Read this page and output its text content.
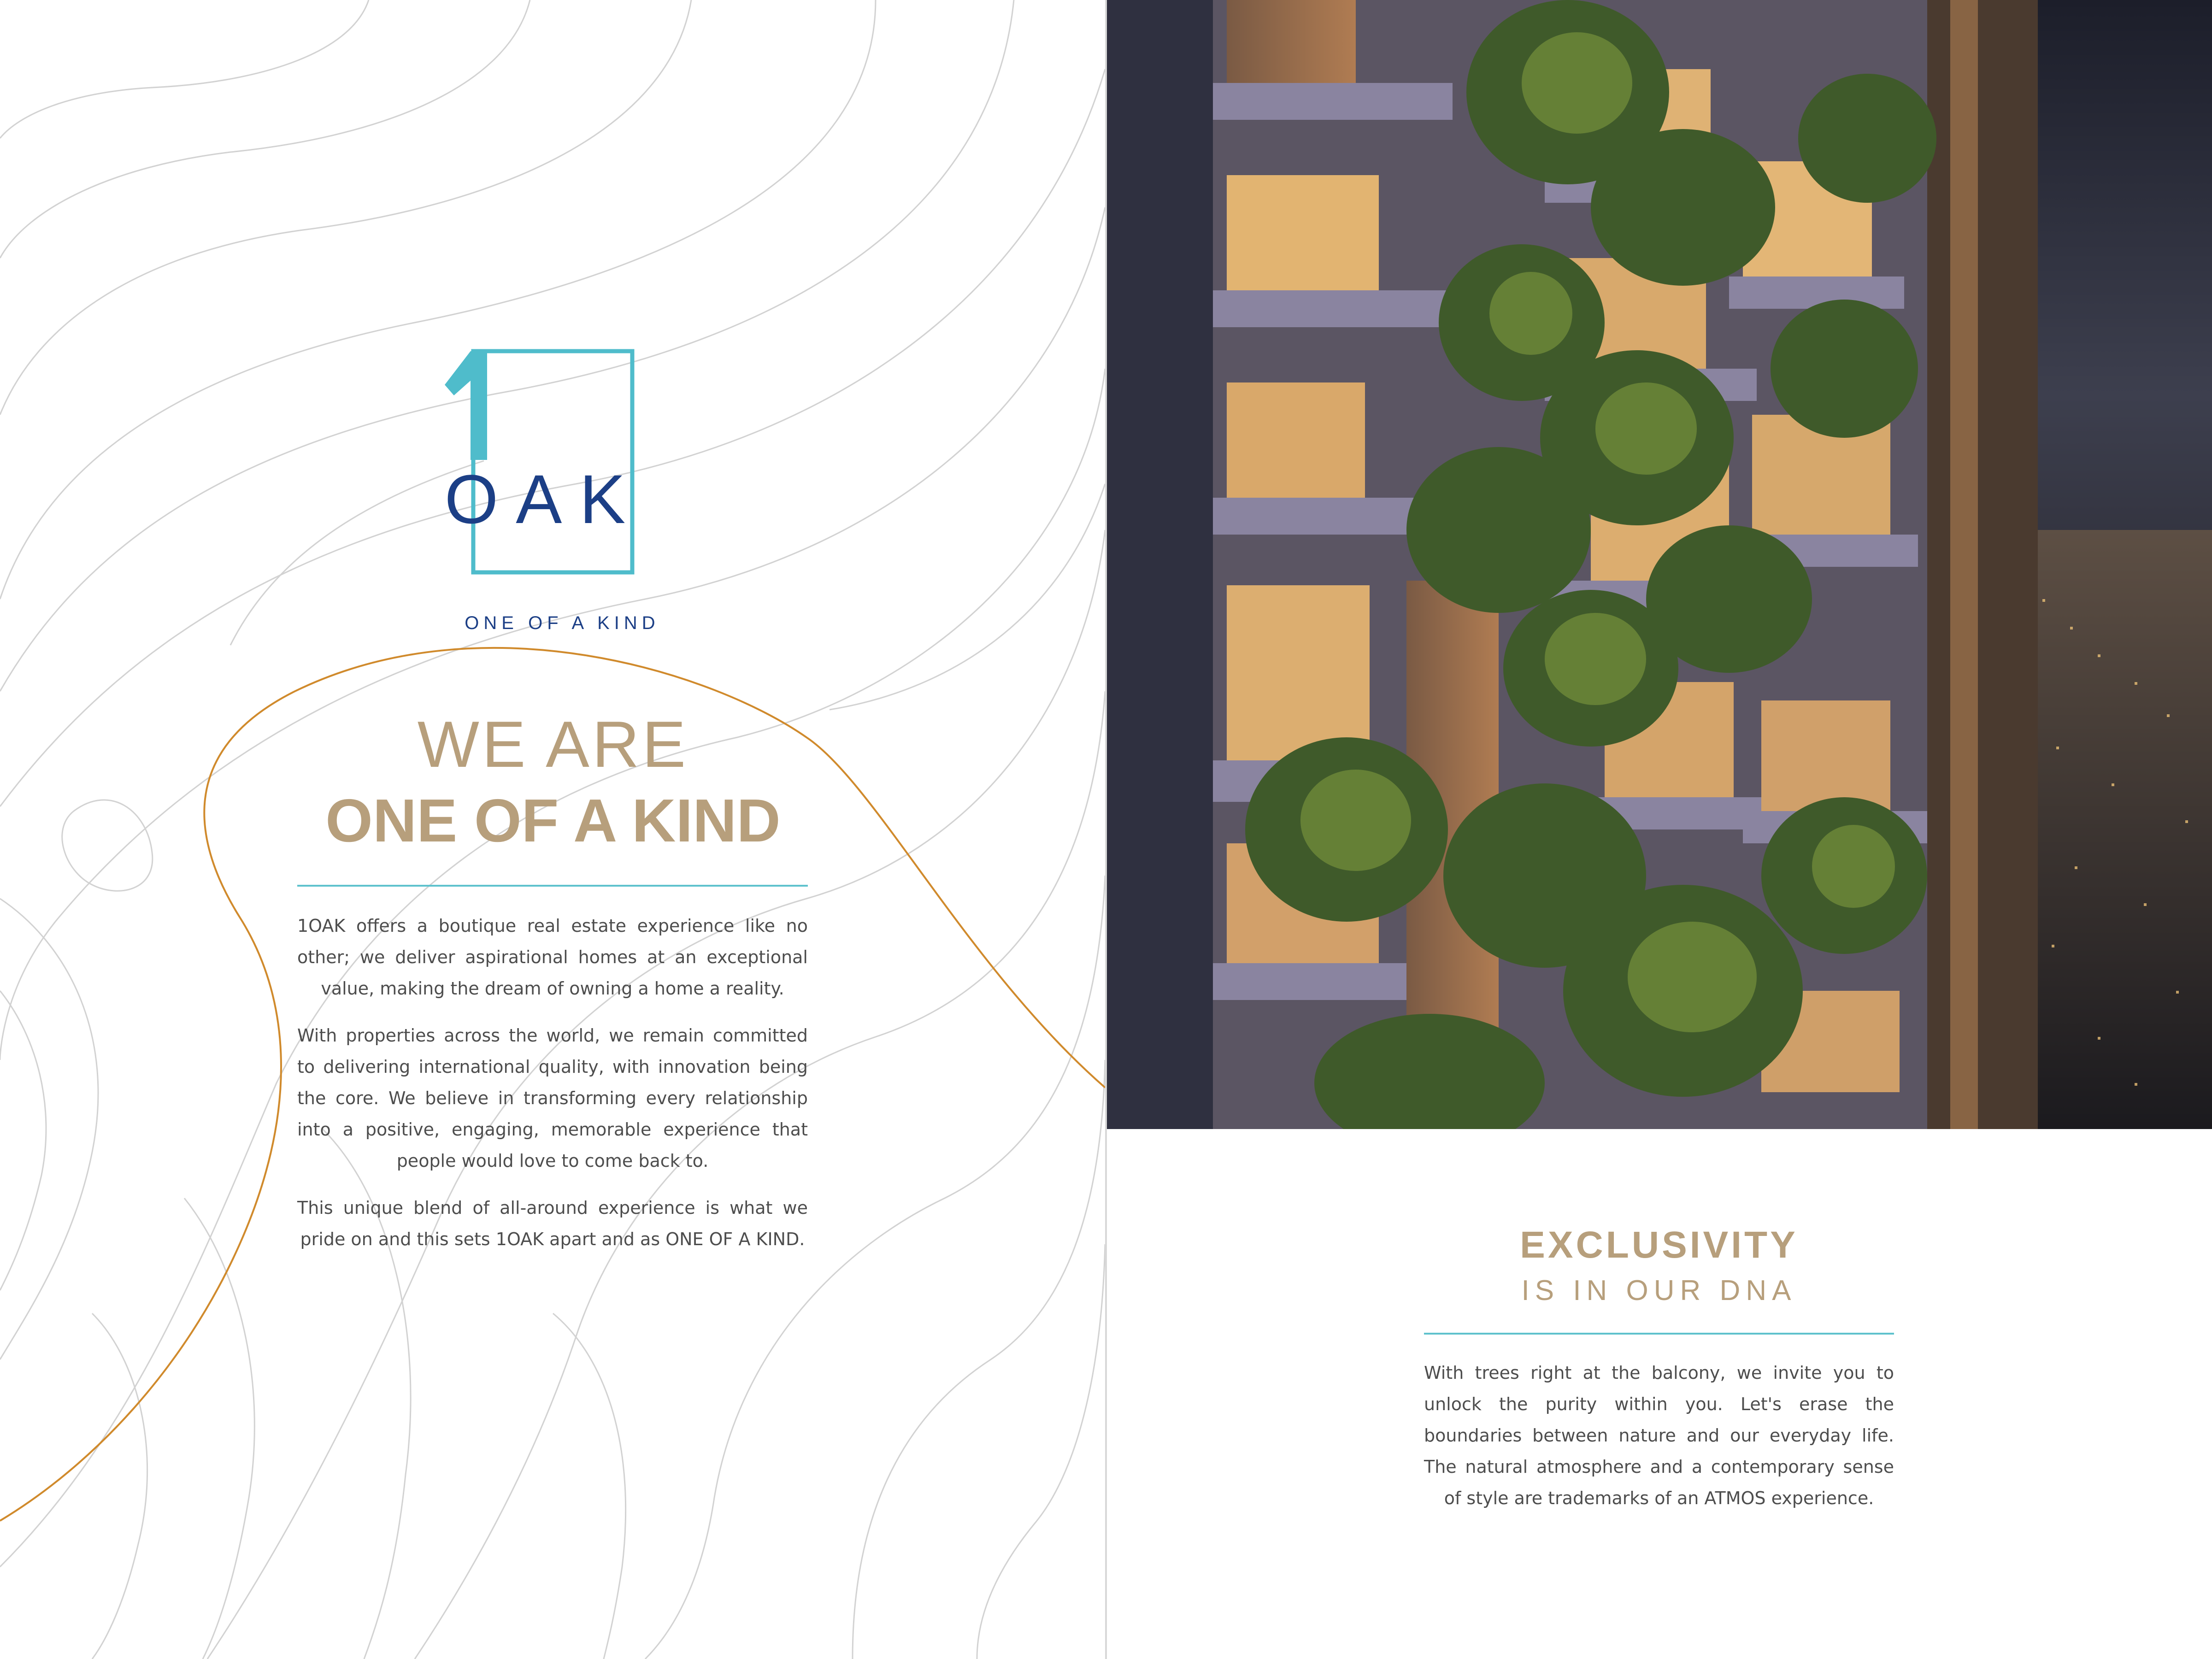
OAK
ONE OF A KIND
WE ARE
ONE OF A KIND

1OAK offers a boutique real estate experience like no other; we deliver aspirational homes at an exceptional value, making the dream of owning a home a reality.

With properties across the world, we remain committed to delivering international quality, with innovation being the core. We believe in transforming every relationship into a positive, engaging, memorable experience that people would love to come back to.

This unique blend of all-around experience is what we pride on and this sets 1OAK apart and as ONE OF A KIND.	EXCLUSIVITY
IS IN OUR DNA

With trees right at the balcony, we invite you to unlock the purity within you. Let's erase the boundaries between nature and our everyday life. The natural atmosphere and a contemporary sense of style are trademarks of an ATMOS experience.
